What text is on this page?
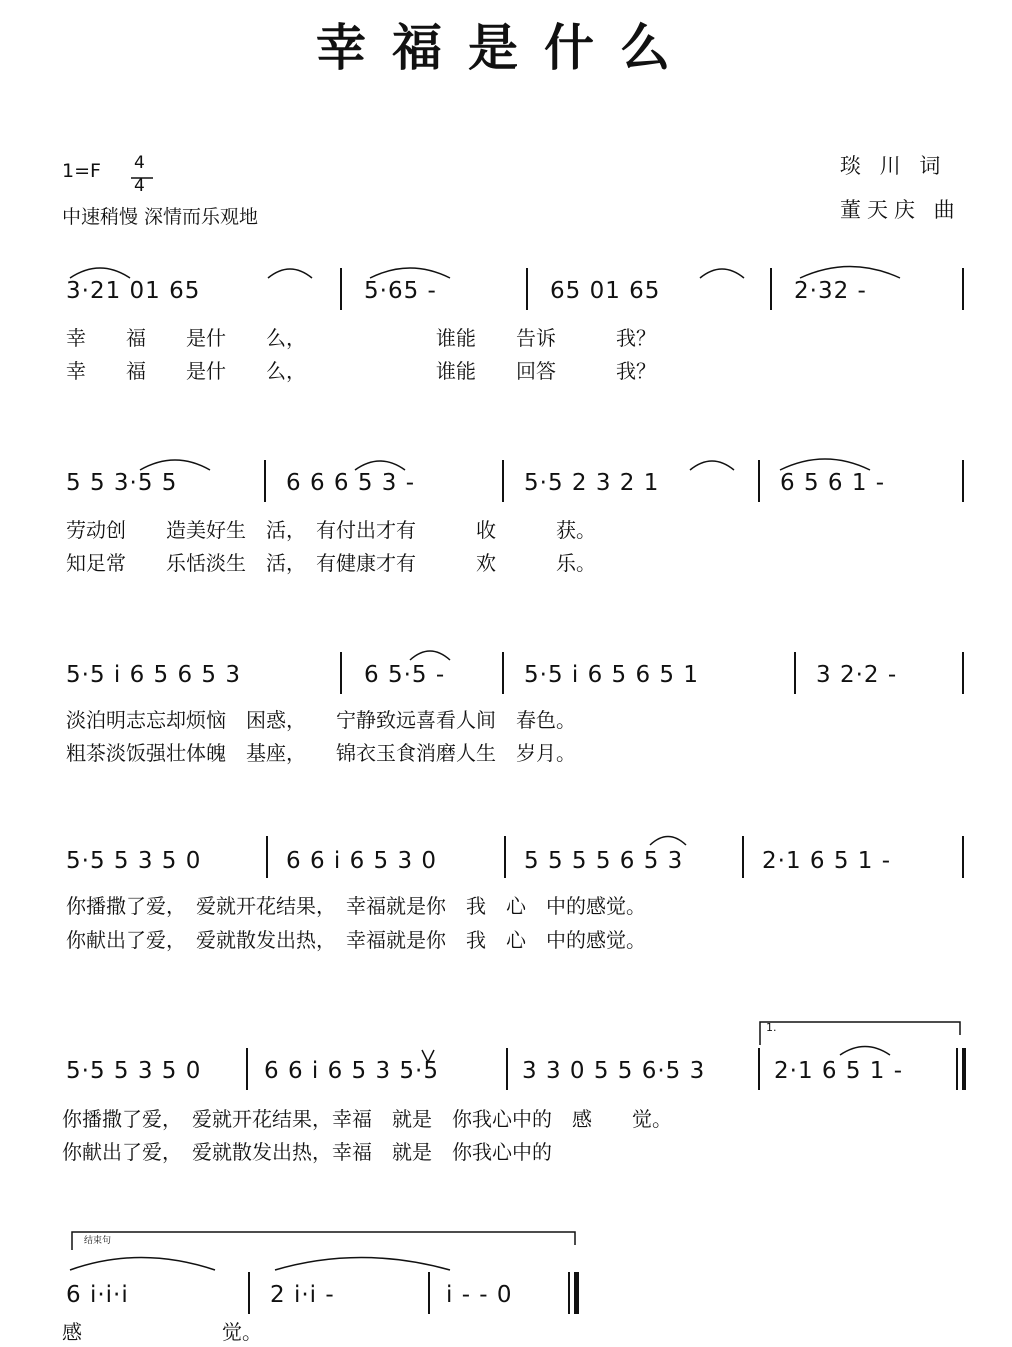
幸福是什么
1=F 4
4
中速稍慢 深情而乐观地
琰 川 词
董天庆 曲
3·21 01 65	5·65 -	65 01 65	2·32 -
幸　　福　　是什　　么，　　　　　　　谁能　　告诉　　　我？
幸　　福　　是什　　么，　　　　　　　谁能　　回答　　　我？
5 5 3·5 5	6 6 6 5 3 -	5·5 2 3 2 1	6 5 6 1 -
劳动创　　造美好生　活，　有付出才有　　　收　　　获。
知足常　　乐恬淡生　活，　有健康才有　　　欢　　　乐。
5·5 i 6 5 6 5 3	6 5·5 -	5·5 i 6 5 6 5 1	3 2·2 -
淡泊明志忘却烦恼　困惑，　　宁静致远喜看人间　春色。
粗茶淡饭强壮体魄　基座，　　锦衣玉食消磨人生　岁月。
5·5 5 3 5 0	6 6 i 6 5 3 0	5 5 5 5 6 5 3	2·1 6 5 1 -
你播撒了爱，　爱就开花结果，　幸福就是你　我　心　中的感觉。
你献出了爱，　爱就散发出热，　幸福就是你　我　心　中的感觉。
1.
5·5 5 3 5 0	6 6 i 6 5 3 5·5	3 3 0 5 5 6·5 3	2·1 6 5 1 -
你播撒了爱，　爱就开花结果，幸福　就是　你我心中的　感　　觉。
你献出了爱，　爱就散发出热，幸福　就是　你我心中的
结束句
6 i·i·i	2 i·i -	i - - 0
感　　　　　　　觉。
